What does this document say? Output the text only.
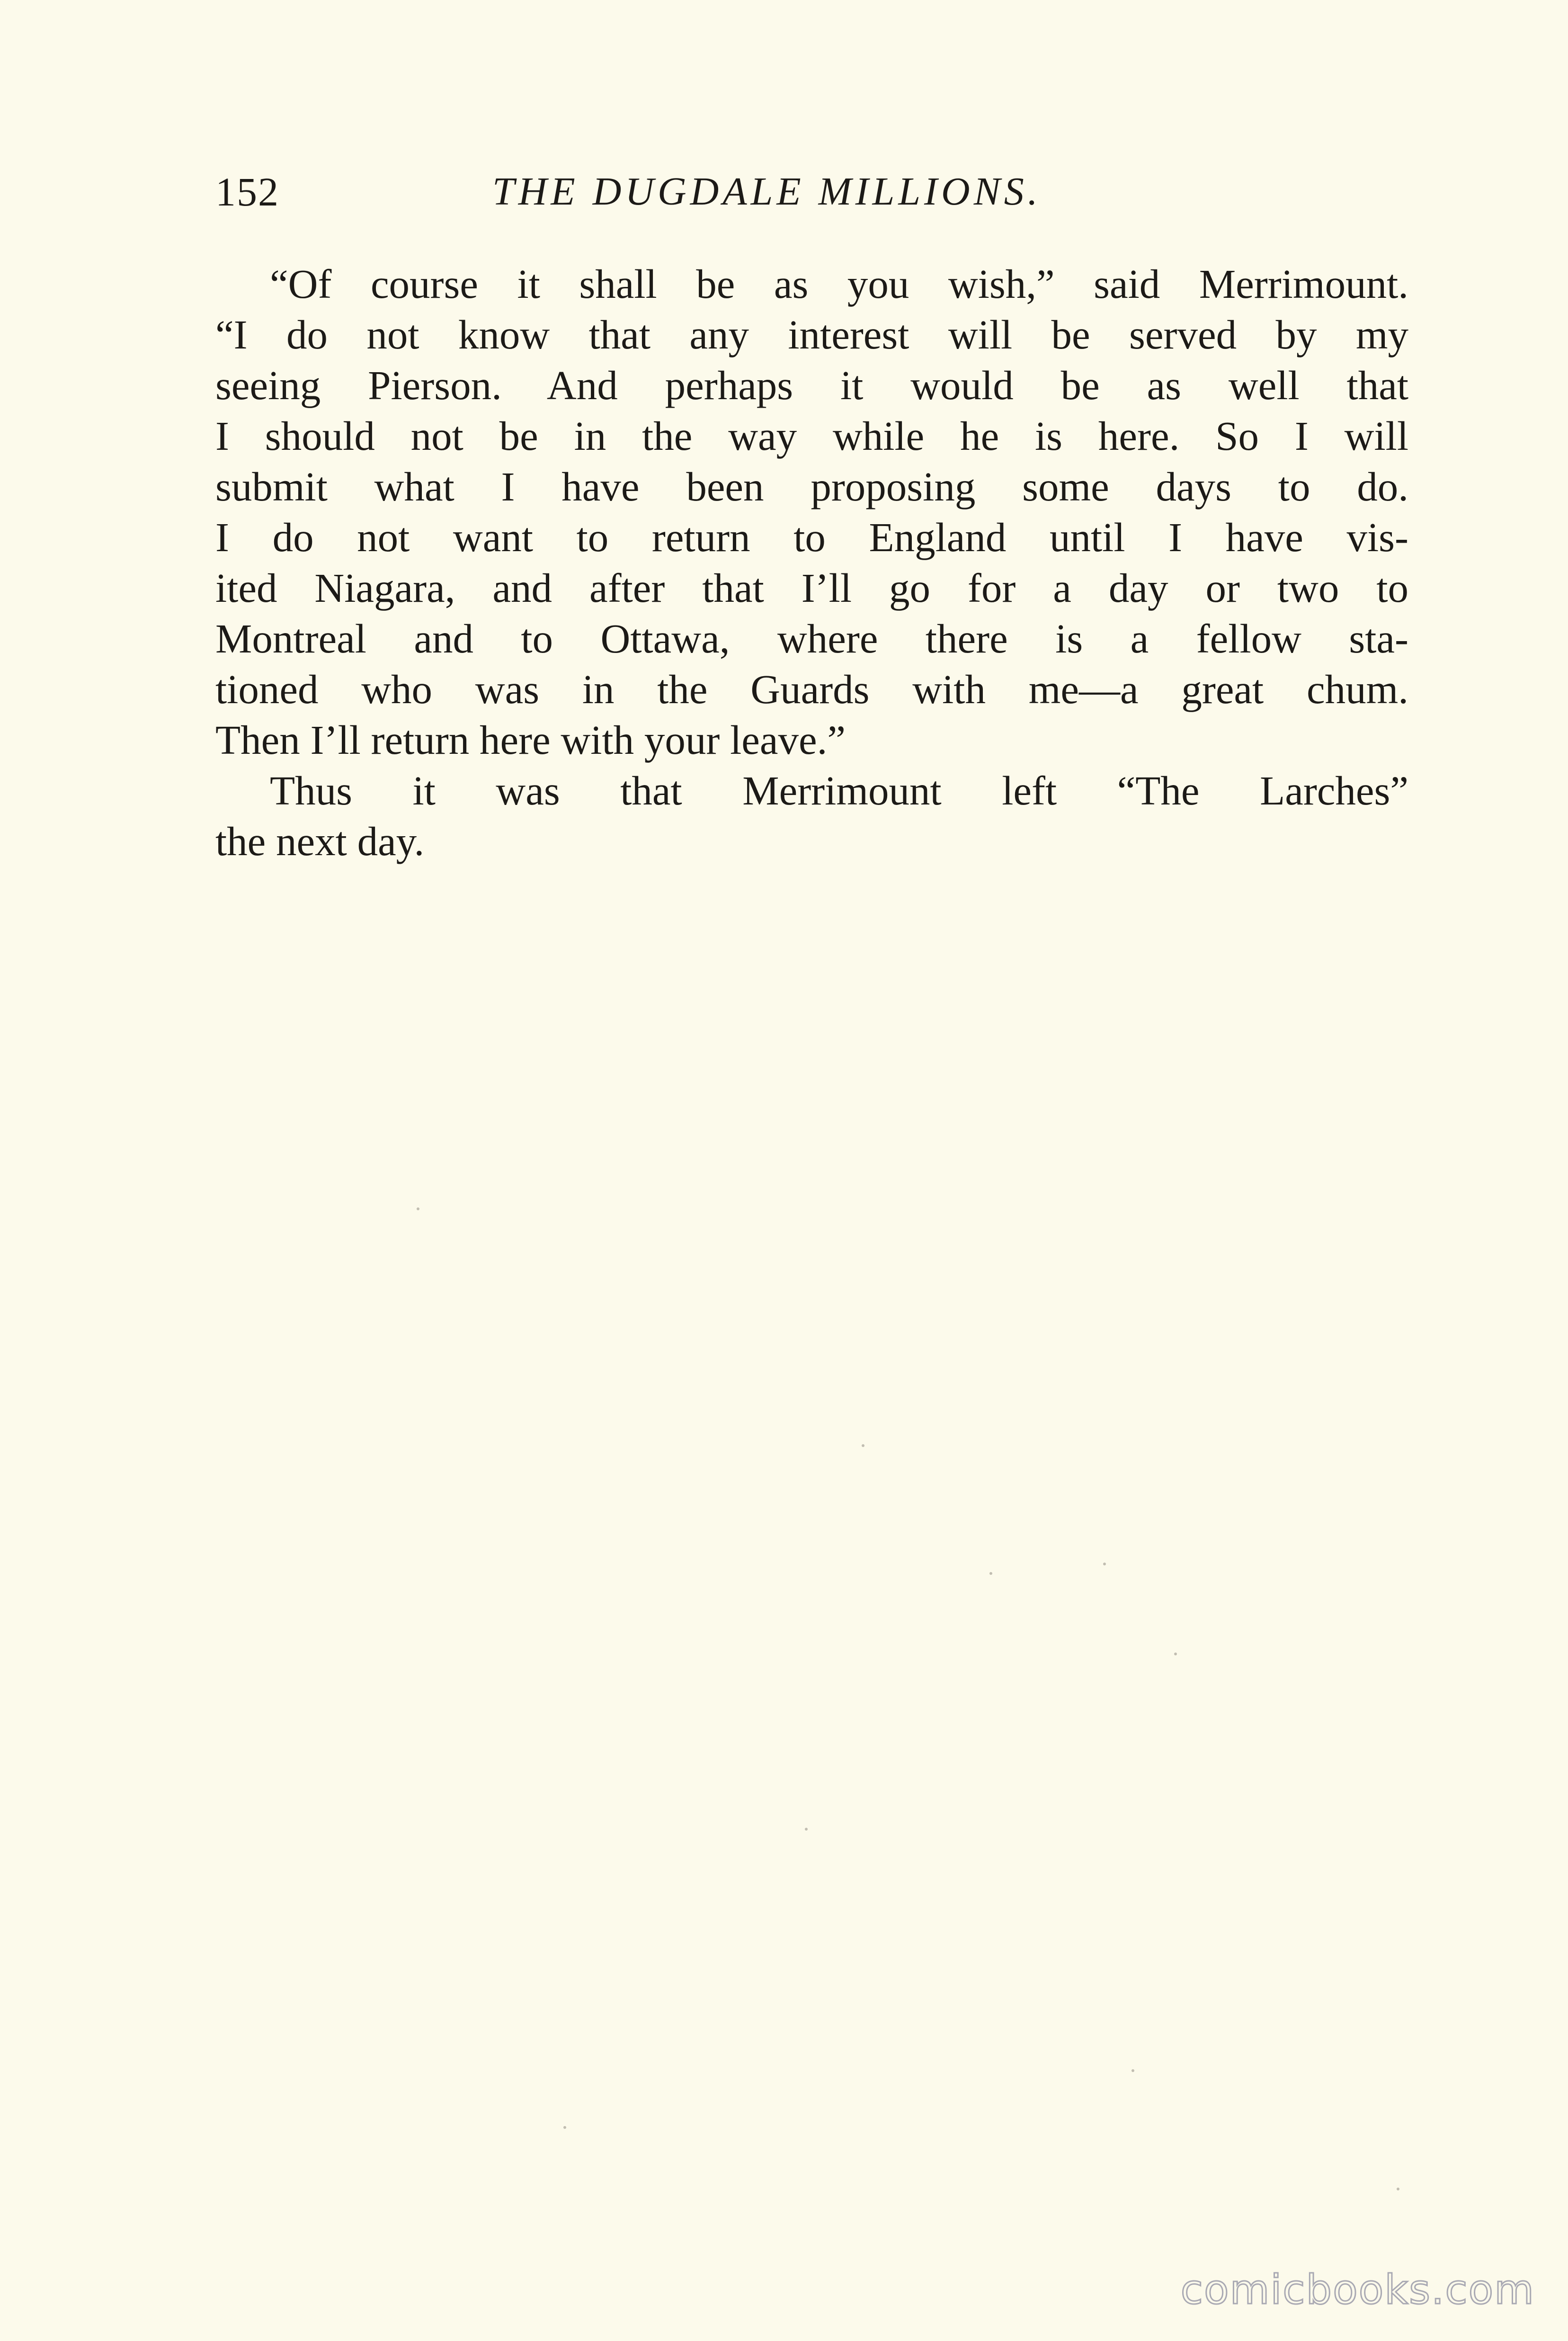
152	THE DUGDALE MILLIONS.

“Of course it shall be as you wish,” said Merrimount.
“I do not know that any interest will be served by my
seeing Pierson. And perhaps it would be as well that
I should not be in the way while he is here. So I will
submit what I have been proposing some days to do.
I do not want to return to England until I have vis-
ited Niagara, and after that I’ll go for a day or two to
Montreal and to Ottawa, where there is a fellow sta-
tioned who was in the Guards with me—a great chum.
Then I’ll return here with your leave.”

Thus it was that Merrimount left “The Larches”
the next day.

comicbooks.com
